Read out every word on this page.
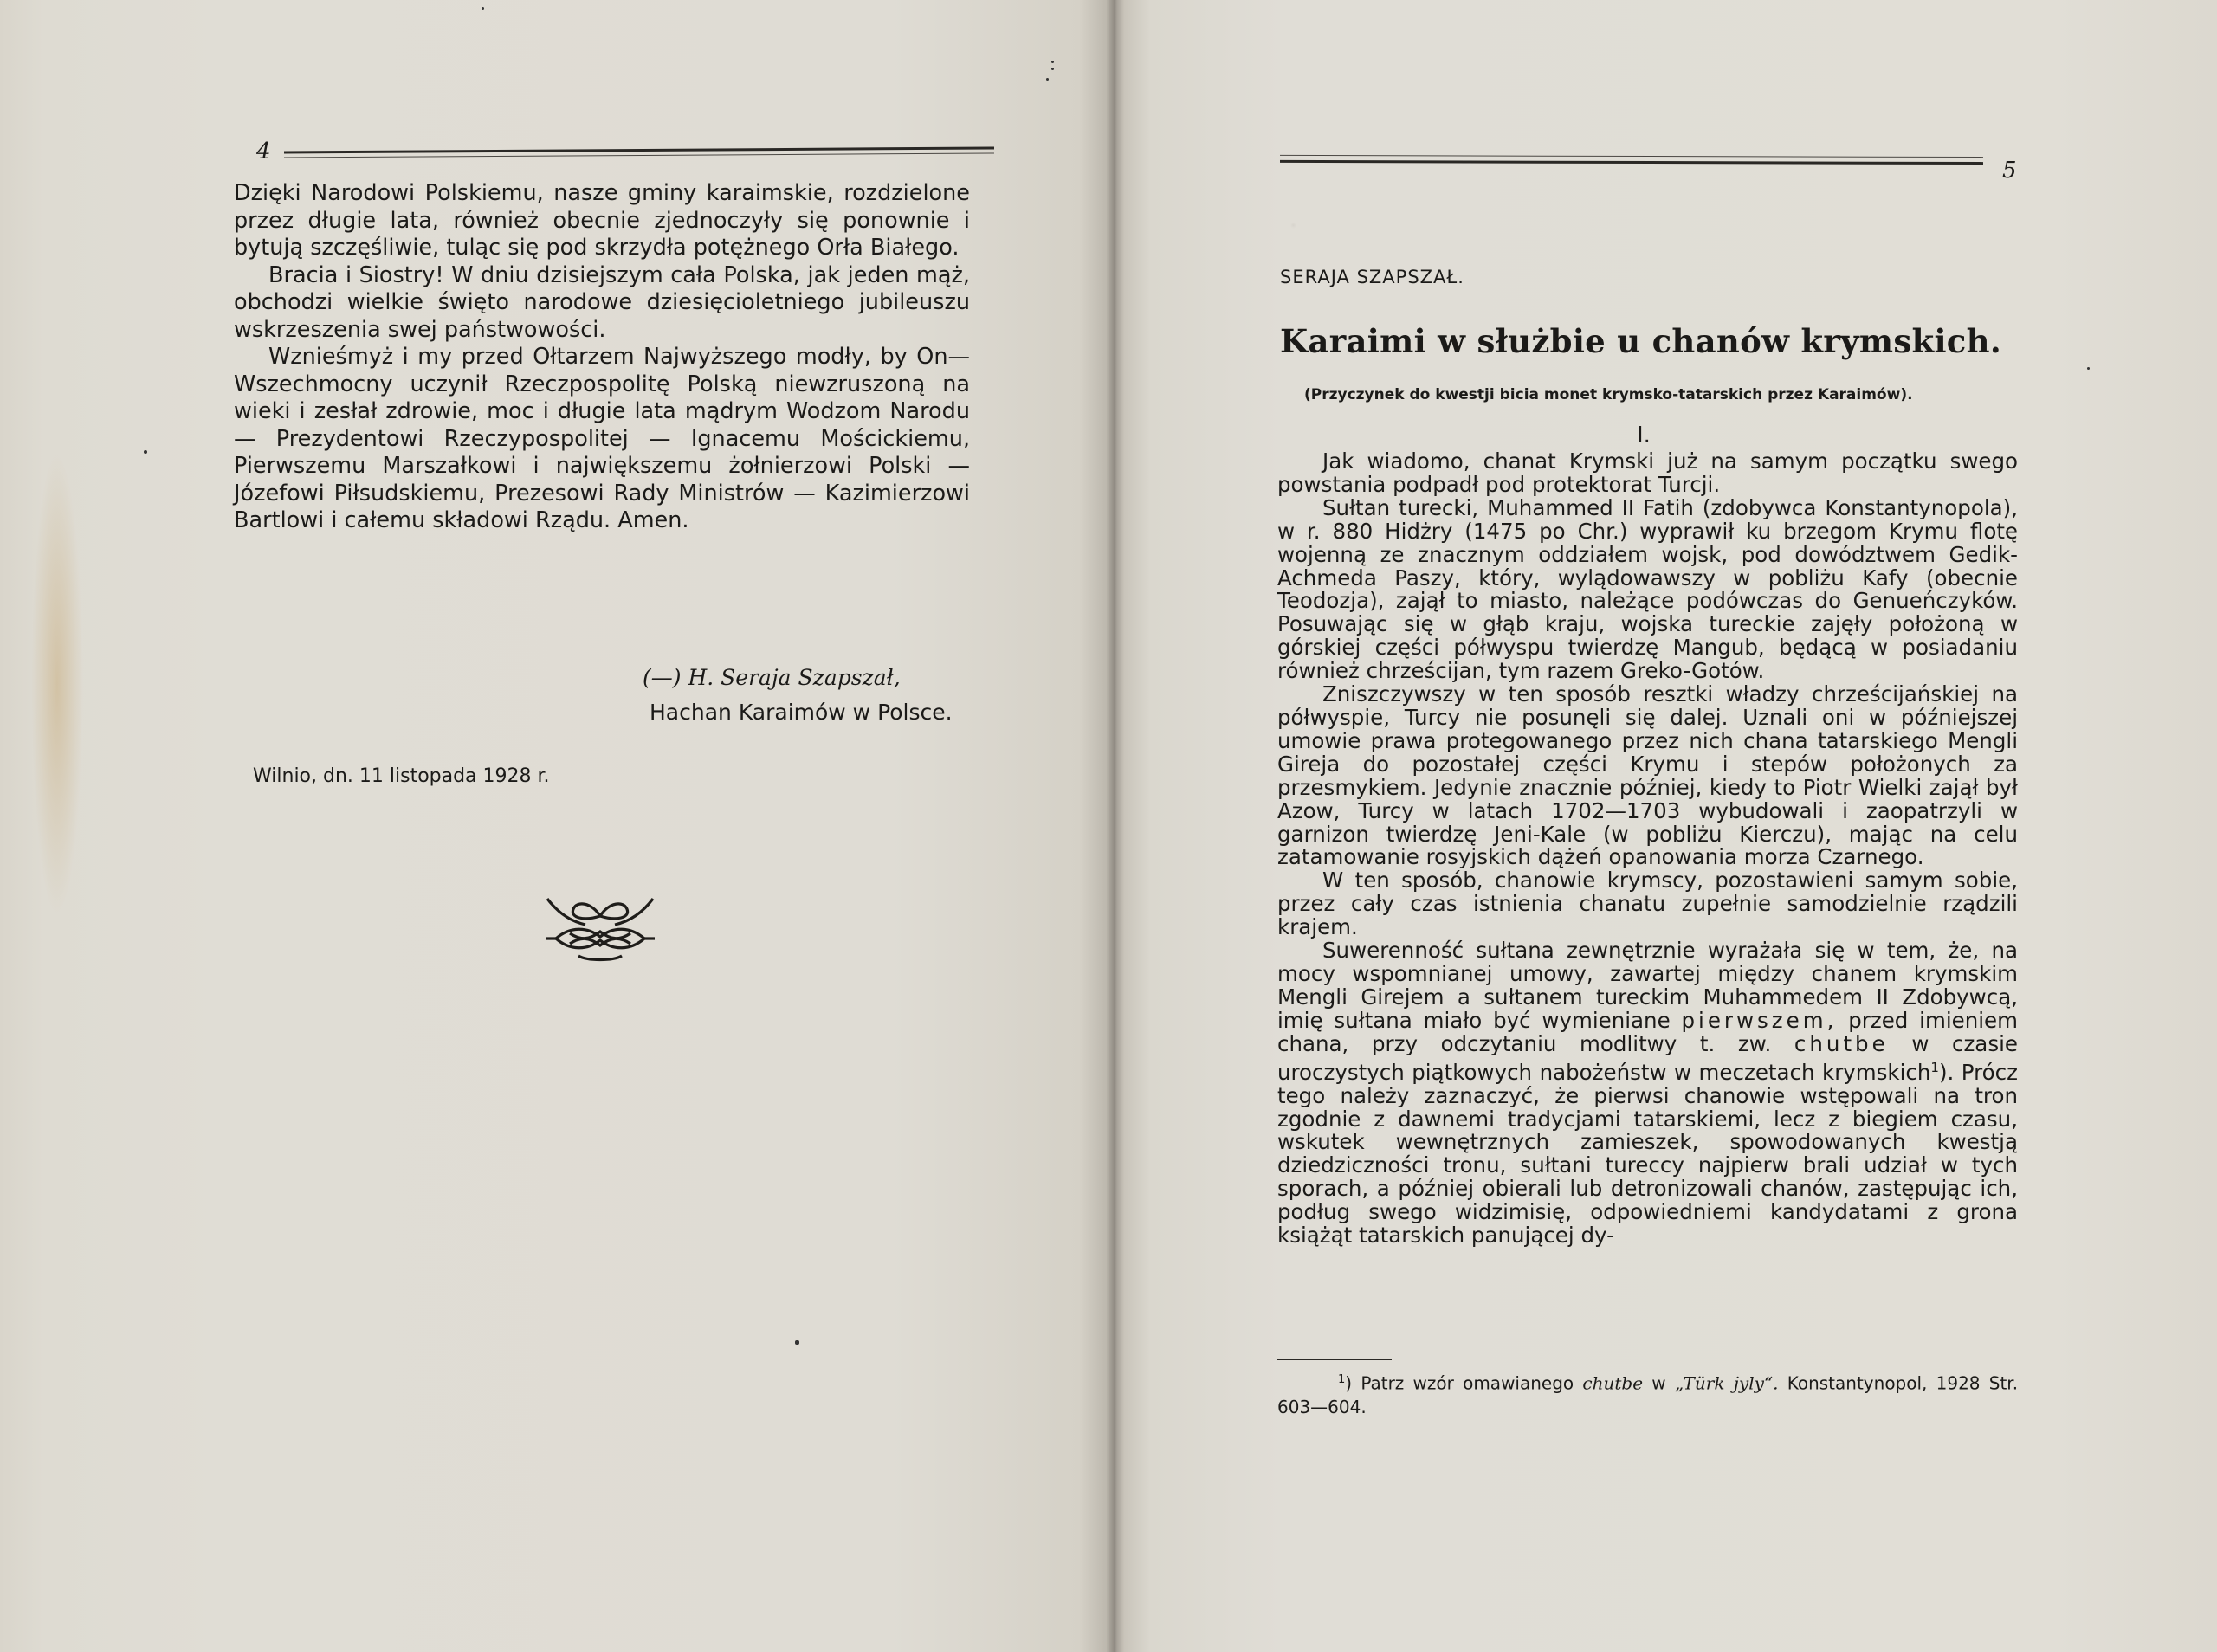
·
4

Dzięki Narodowi Polskiemu, nasze gminy karaimskie, rozdzielone przez długie lata, również obecnie zjednoczyły się ponownie i bytują szczęśliwie, tuląc się pod skrzydła potężnego Orła Białego.

Bracia i Siostry! W dniu dzisiejszym cała Polska, jak jeden mąż, obchodzi wielkie święto narodowe dziesięcioletniego jubileuszu wskrzeszenia swej państwowości.

Wznieśmyż i my przed Ołtarzem Najwyższego modły, by On—Wszechmocny uczynił Rzeczpospolitę Polską niewzruszoną na wieki i zesłał zdrowie, moc i długie lata mądrym Wodzom Narodu — Prezydentowi Rzeczypospolitej — Ignacemu Mościckiemu, Pierwszemu Marszałkowi i największemu żołnierzowi Polski — Józefowi Piłsudskiemu, Prezesowi Rady Ministrów — Kazimierzowi Bartlowi i całemu składowi Rządu. Amen.

(—) H. Seraja Szapszał,
Hachan Karaimów w Polsce.
Wilnio, dn. 11 listopada 1928 r.
5
SERAJA SZAPSZAŁ.
Karaimi w służbie u chanów krymskich.
(Przyczynek do kwestji bicia monet krymsko-tatarskich przez Karaimów).
I.

Jak wiadomo, chanat Krymski już na samym początku swego powstania podpadł pod protektorat Turcji.

Sułtan turecki, Muhammed II Fatih (zdobywca Konstantynopola), w r. 880 Hidżry (1475 po Chr.) wyprawił ku brzegom Krymu flotę wojenną ze znacznym oddziałem wojsk, pod dowództwem Gedik-Achmeda Paszy, który, wylądowawszy w pobliżu Kafy (obecnie Teodozja), zajął to miasto, należące podówczas do Genueńczyków. Posuwając się w głąb kraju, wojska tureckie zajęły położoną w górskiej części półwyspu twierdzę Mangub, będącą w posiadaniu również chrześcijan, tym razem Greko-Gotów.

Zniszczywszy w ten sposób resztki władzy chrześcijańskiej na półwyspie, Turcy nie posunęli się dalej. Uznali oni w późniejszej umowie prawa protegowanego przez nich chana tatarskiego Mengli Gireja do pozostałej części Krymu i stepów położonych za przesmykiem. Jedynie znacznie później, kiedy to Piotr Wielki zajął był Azow, Turcy w latach 1702—1703 wybudowali i zaopatrzyli w garnizon twierdzę Jeni-Kale (w pobliżu Kierczu), mając na celu zatamowanie rosyjskich dążeń opanowania morza Czarnego.

W ten sposób, chanowie krymscy, pozostawieni samym sobie, przez cały czas istnienia chanatu zupełnie samodzielnie rządzili krajem.

Suwerenność sułtana zewnętrznie wyrażała się w tem, że, na mocy wspomnianej umowy, zawartej między chanem krymskim Mengli Girejem a sułtanem tureckim Muhammedem II Zdobywcą, imię sułtana miało być wymieniane pierwszem, przed imieniem chana, przy odczytaniu modlitwy t. zw. chutbe w czasie uroczystych piątkowych nabożeństw w meczetach krymskich$^1$). Prócz tego należy zaznaczyć, że pierwsi chanowie wstępowali na tron zgodnie z dawnemi tradycjami tatarskiemi, lecz z biegiem czasu, wskutek wewnętrznych zamieszek, spowodowanych kwestją dziedziczności tronu, sułtani tureccy najpierw brali udział w tych sporach, a później obierali lub detronizowali chanów, zastępując ich, podług swego widzimisię, odpowiedniemi kandydatami z grona książąt tatarskich panującej dy-

$^1$) Patrz wzór omawianego chutbe w „Türk jyly“. Konstantynopol, 1928 Str. 603—604.
